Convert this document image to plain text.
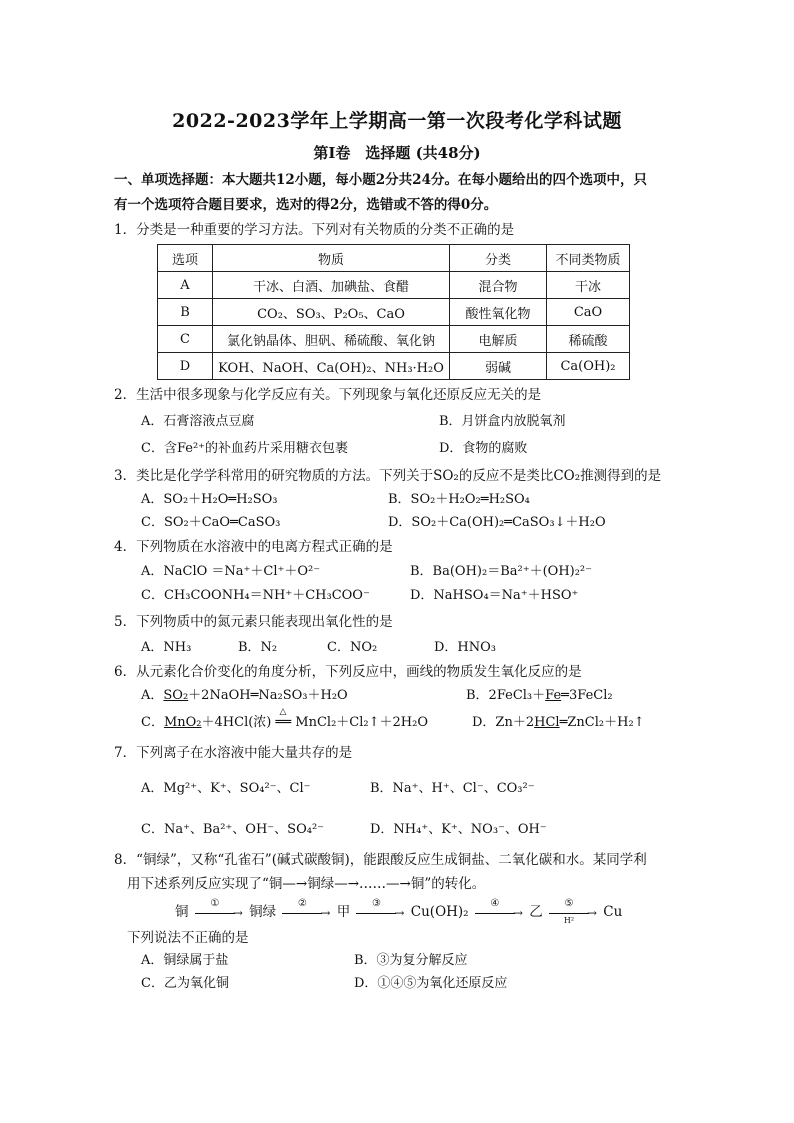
2022-2023学年上学期高一第一次段考化学科试题
第I卷　选择题 (共48分)
一、单项选择题：本大题共12小题，每小题2分共24分。在每小题给出的四个选项中，只
有一个选项符合题目要求，选对的得2分，选错或不答的得0分。
1．分类是一种重要的学习方法。下列对有关物质的分类不正确的是
选项	物质	分类	不同类物质
A	干冰、白酒、加碘盐、食醋	混合物	干冰
B	CO₂、SO₃、P₂O₅、CaO	酸性氧化物	CaO
C	氯化钠晶体、胆矾、稀硫酸、氧化钠	电解质	稀硫酸
D	KOH、NaOH、Ca(OH)₂、NH₃·H₂O	弱碱	Ca(OH)₂
2．生活中很多现象与化学反应有关。下列现象与氧化还原反应无关的是
A．石膏溶液点豆腐	B．月饼盒内放脱氧剂
C．含Fe²⁺的补血药片采用糖衣包裹	D．食物的腐败
3．类比是化学学科常用的研究物质的方法。下列关于SO₂的反应不是类比CO₂推测得到的是
A．SO₂＋H₂O═H₂SO₃	B．SO₂＋H₂O₂═H₂SO₄
C．SO₂＋CaO═CaSO₃	D．SO₂＋Ca(OH)₂═CaSO₃↓＋H₂O
4．下列物质在水溶液中的电离方程式正确的是
A．NaClO ＝Na⁺＋Cl⁺＋O²⁻	B．Ba(OH)₂＝Ba²⁺＋(OH)₂²⁻
C．CH₃COONH₄＝NH⁺＋CH₃COO⁻	D．NaHSO₄＝Na⁺＋HSO⁺
5．下列物质中的氮元素只能表现出氧化性的是
A．NH₃	B．N₂	C．NO₂	D．HNO₃
6．从元素化合价变化的角度分析，下列反应中，画线的物质发生氧化反应的是
A．SO₂＋2NaOH═Na₂SO₃＋H₂O	B．2FeCl₃＋Fe═3FeCl₂
C．MnO₂＋4HCl(浓)
△
══ MnCl₂＋Cl₂↑＋2H₂O	D．Zn＋2HCl═ZnCl₂＋H₂↑
7．下列离子在水溶液中能大量共存的是
A．Mg²⁺、K⁺、SO₄²⁻、Cl⁻	B．Na⁺、H⁺、Cl⁻、CO₃²⁻
C．Na⁺、Ba²⁺、OH⁻、SO₄²⁻	D．NH₄⁺、K⁺、NO₃⁻、OH⁻
8．“铜绿”，又称“孔雀石”(碱式碳酸铜)，能跟酸反应生成铜盐、二氧化碳和水。某同学利
用下述系列反应实现了“铜—→铜绿—→……—→铜”的转化。
铜
①
→ 铜绿
②
→ 甲
③
→ Cu(OH)₂
④
→ 乙
⑤
→
H²	Cu
下列说法不正确的是
A．铜绿属于盐	B．③为复分解反应
C．乙为氧化铜	D．①④⑤为氧化还原反应
